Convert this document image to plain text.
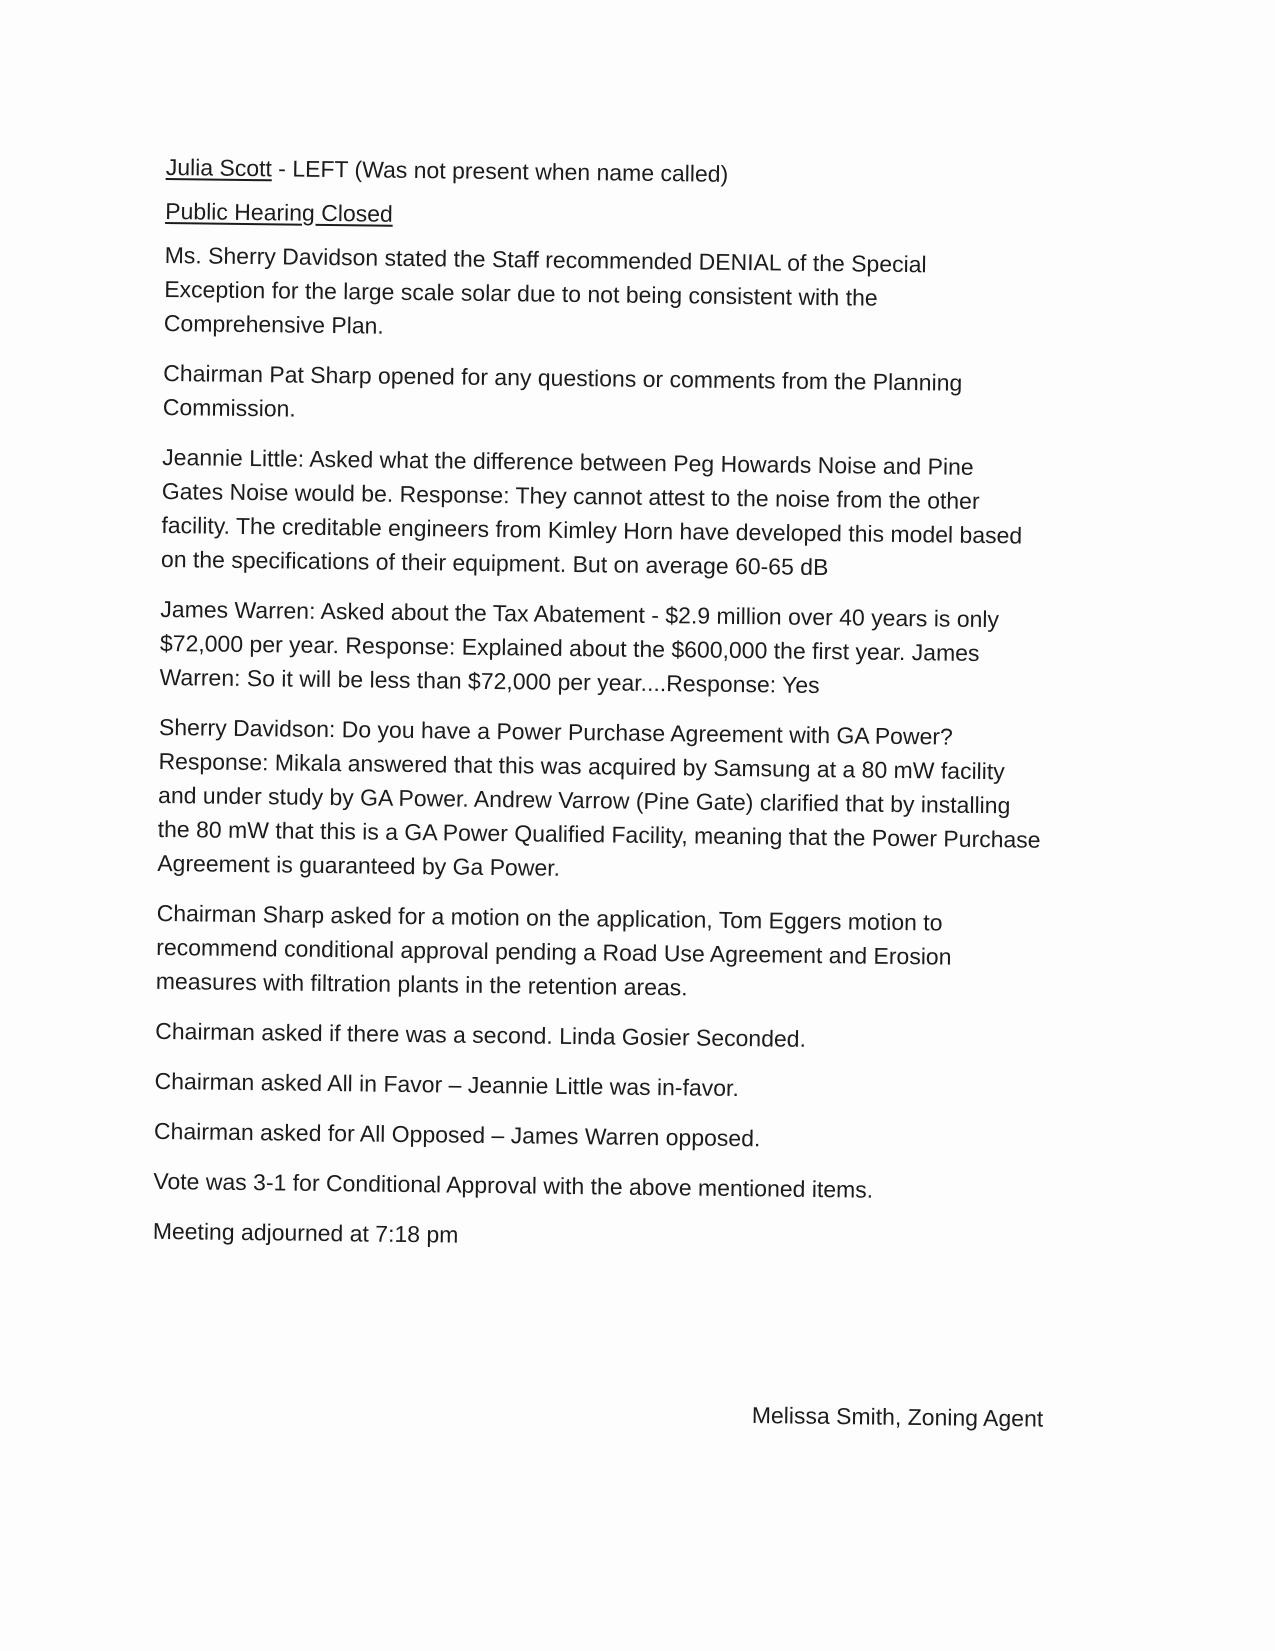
Julia Scott - LEFT (Was not present when name called)

Public Hearing Closed

Ms. Sherry Davidson stated the Staff recommended DENIAL of the Special Exception for the large scale solar due to not being consistent with the Comprehensive Plan.

Chairman Pat Sharp opened for any questions or comments from the Planning Commission.

Jeannie Little: Asked what the difference between Peg Howards Noise and Pine Gates Noise would be. Response: They cannot attest to the noise from the other facility. The creditable engineers from Kimley Horn have developed this model based on the specifications of their equipment. But on average 60-65 dB

James Warren: Asked about the Tax Abatement - $2.9 million over 40 years is only $72,000 per year. Response: Explained about the $600,000 the first year. James Warren: So it will be less than $72,000 per year....Response: Yes

Sherry Davidson: Do you have a Power Purchase Agreement with GA Power? Response: Mikala answered that this was acquired by Samsung at a 80 mW facility and under study by GA Power. Andrew Varrow (Pine Gate) clarified that by installing the 80 mW that this is a GA Power Qualified Facility, meaning that the Power Purchase Agreement is guaranteed by Ga Power.

Chairman Sharp asked for a motion on the application, Tom Eggers motion to recommend conditional approval pending a Road Use Agreement and Erosion measures with filtration plants in the retention areas.

Chairman asked if there was a second. Linda Gosier Seconded.

Chairman asked All in Favor – Jeannie Little was in-favor.

Chairman asked for All Opposed – James Warren opposed.

Vote was 3-1 for Conditional Approval with the above mentioned items.

Meeting adjourned at 7:18 pm

Melissa Smith, Zoning Agent
